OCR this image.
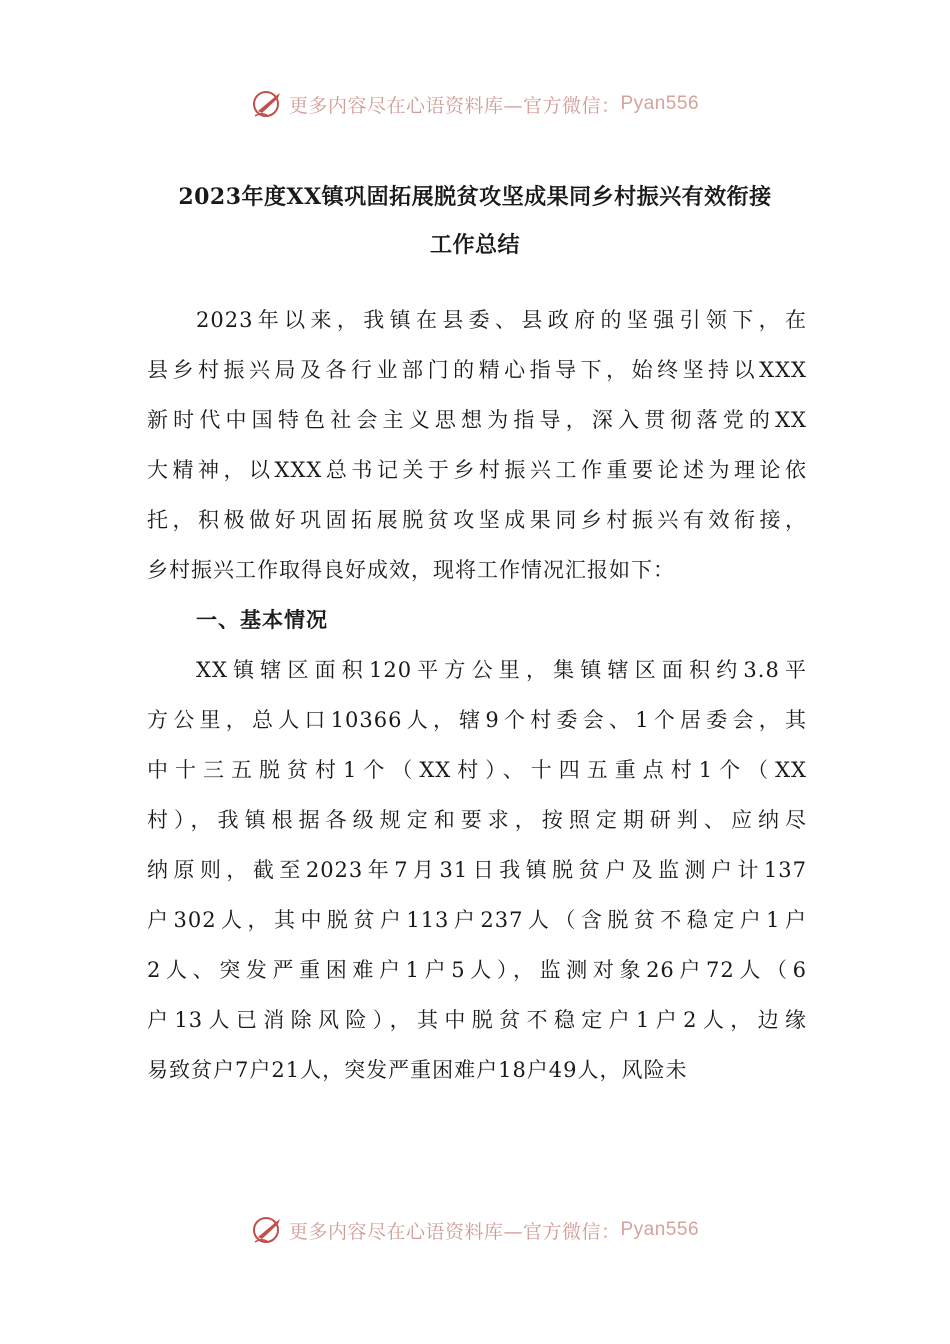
更多内容尽在心语资料库—官方微信： Pyan556
2023年度XX镇巩固拓展脱贫攻坚成果同乡村振兴有效衔接
工作总结
2023年以来，我镇在县委、县政府的坚强引领下，在
县乡村振兴局及各行业部门的精心指导下，始终坚持以XXX
新时代中国特色社会主义思想为指导，深入贯彻落党的XX
大精神，以XXX总书记关于乡村振兴工作重要论述为理论依
托，积极做好巩固拓展脱贫攻坚成果同乡村振兴有效衔接，
乡村振兴工作取得良好成效，现将工作情况汇报如下：
一、基本情况
XX镇辖区面积120平方公里，集镇辖区面积约3.8平
方公里，总人口10366人，辖9个村委会、1个居委会，其
中十三五脱贫村1个（XX村）、十四五重点村1个（XX
村），我镇根据各级规定和要求，按照定期研判、应纳尽
纳原则，截至2023年7月31日我镇脱贫户及监测户计137
户302人，其中脱贫户113户237人（含脱贫不稳定户1户
2人、突发严重困难户1户5人），监测对象26户72人（6
户13人已消除风险），其中脱贫不稳定户1户2人，边缘
易致贫户7户21人，突发严重困难户18户49人，风险未
更多内容尽在心语资料库—官方微信： Pyan556
